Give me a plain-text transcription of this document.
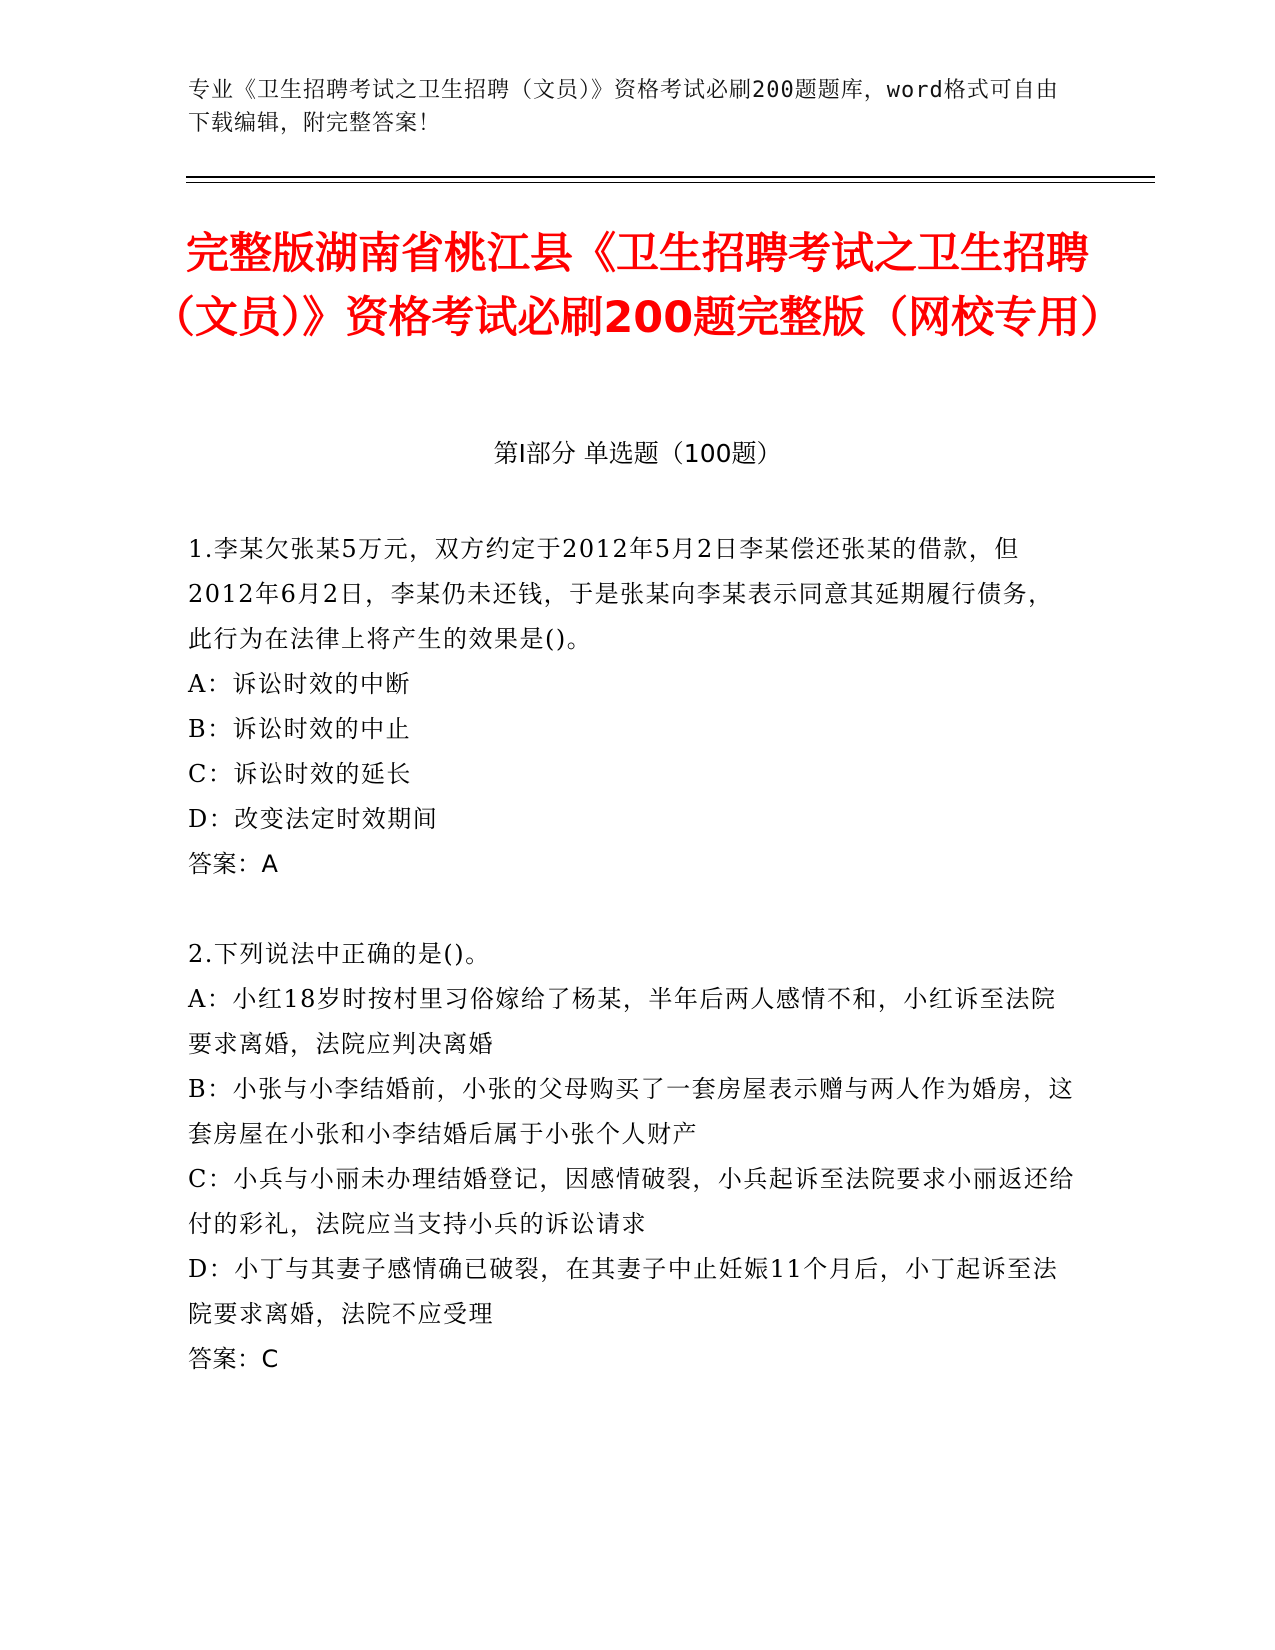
专业《卫生招聘考试之卫生招聘（文员）》资格考试必刷200题题库，word格式可自由下载编辑，附完整答案！
完整版湖南省桃江县《卫生招聘考试之卫生招聘（文员）》资格考试必刷200题完整版（网校专用）
第Ⅰ部分 单选题（100题）

1.李某欠张某5万元，双方约定于2012年5月2日李某偿还张某的借款，但2012年6月2日，李某仍未还钱，于是张某向李某表示同意其延期履行债务，此行为在法律上将产生的效果是()。

A：诉讼时效的中断

B：诉讼时效的中止

C：诉讼时效的延长

D：改变法定时效期间

答案：A

2.下列说法中正确的是()。

A：小红18岁时按村里习俗嫁给了杨某，半年后两人感情不和，小红诉至法院要求离婚，法院应判决离婚

B：小张与小李结婚前，小张的父母购买了一套房屋表示赠与两人作为婚房，这套房屋在小张和小李结婚后属于小张个人财产

C：小兵与小丽未办理结婚登记，因感情破裂，小兵起诉至法院要求小丽返还给付的彩礼，法院应当支持小兵的诉讼请求

D：小丁与其妻子感情确已破裂，在其妻子中止妊娠11个月后，小丁起诉至法院要求离婚，法院不应受理

答案：C
